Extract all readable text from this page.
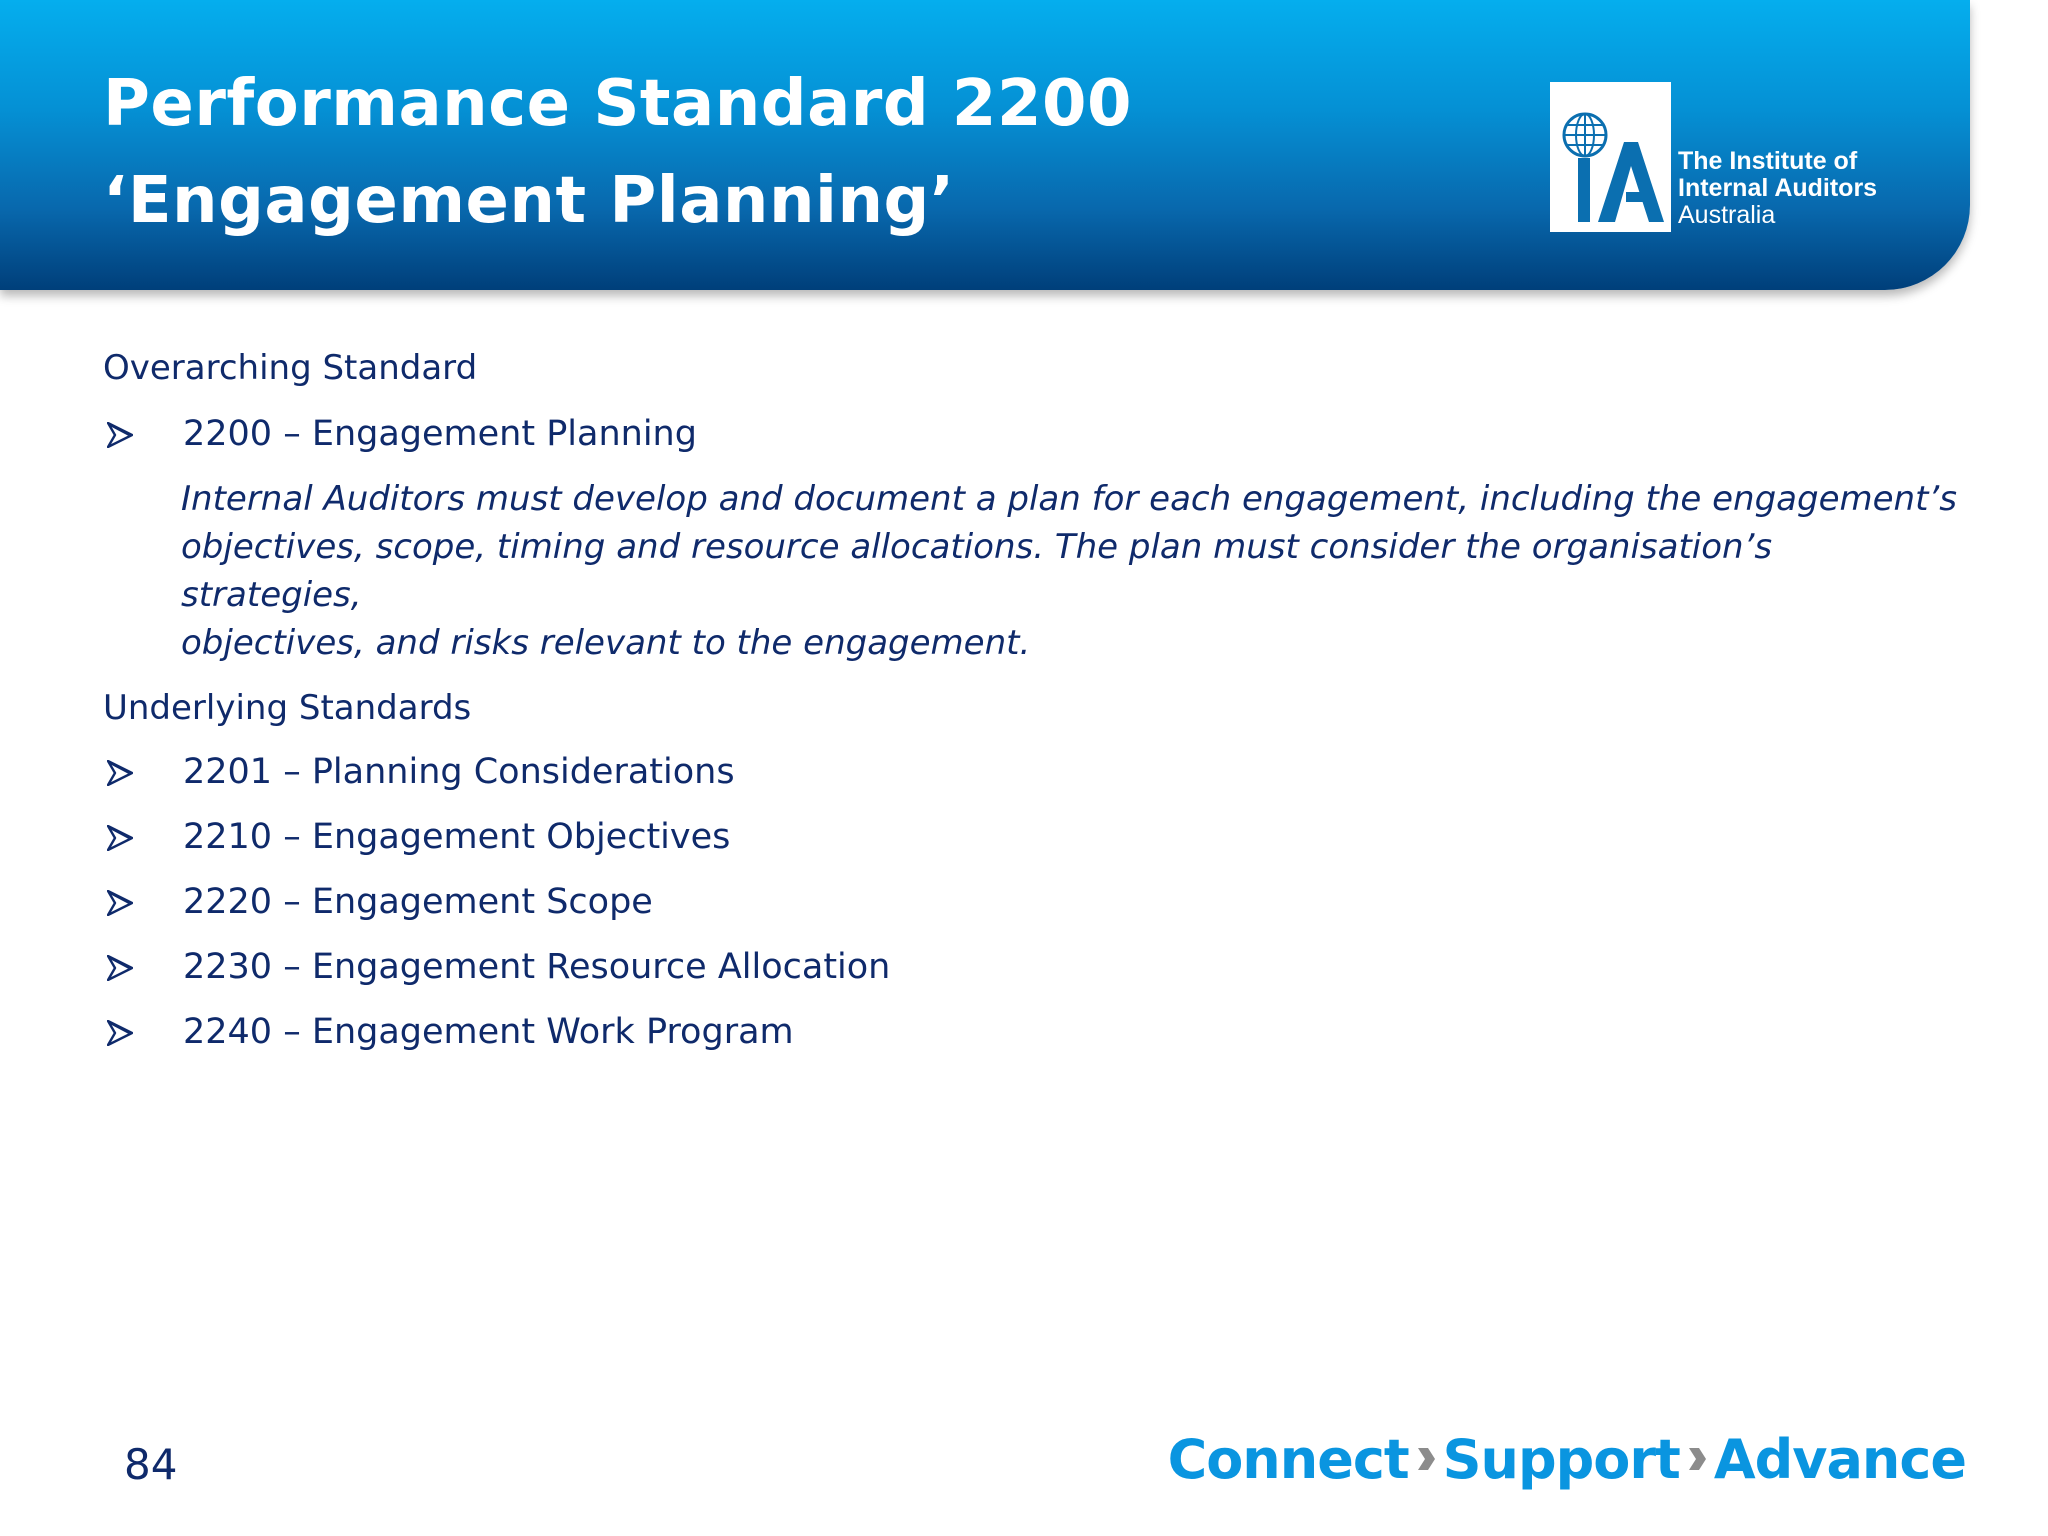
Performance Standard 2200
‘Engagement Planning’
The Institute of
Internal Auditors
Australia

Overarching Standard

2200 – Engagement Planning

Internal Auditors must develop and document a plan for each engagement, including the engagement’s
objectives, scope, timing and resource allocations. The plan must consider the organisation’s strategies,
objectives, and risks relevant to the engagement.

Underlying Standards

2201 – Planning Considerations
2210 – Engagement Objectives
2220 – Engagement Scope
2230 – Engagement Resource Allocation
2240 – Engagement Work Program
84	Connect Support Advance
